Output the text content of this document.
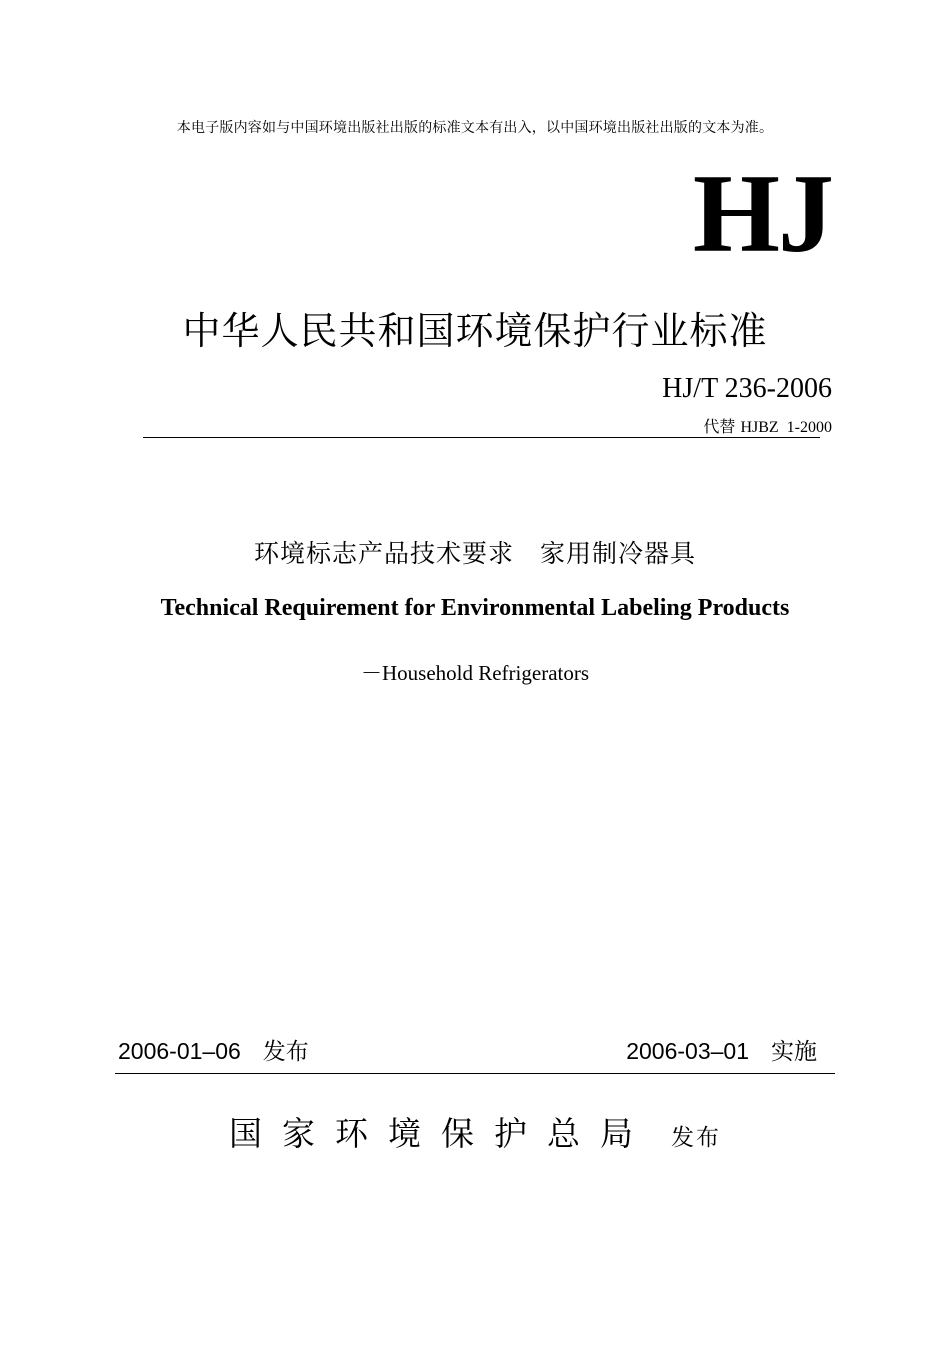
本电子版内容如与中国环境出版社出版的标准文本有出入，以中国环境出版社出版的文本为准。
HJ
中华人民共和国环境保护行业标准
HJ/T 236-2006
代替 HJBZ  1-2000
环境标志产品技术要求　家用制冷器具
Technical Requirement for Environmental Labeling Products
－Household Refrigerators
2006-01–06 发布	2006-03–01 实施
国家环境保护总局 发布
